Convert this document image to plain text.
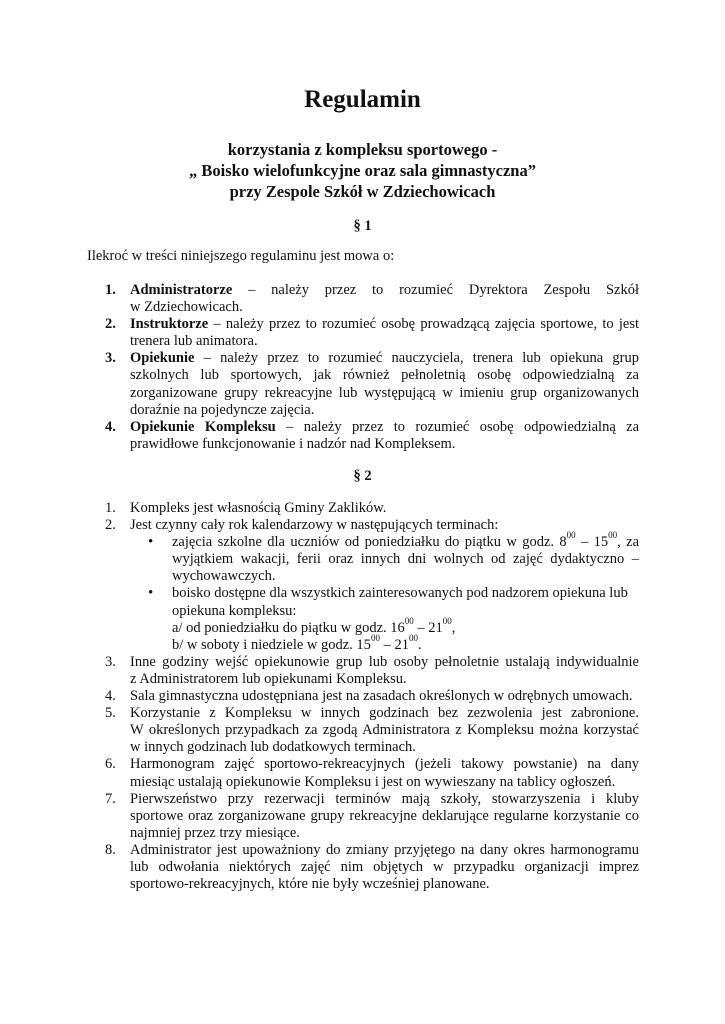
Regulamin
korzystania z kompleksu sportowego -
„ Boisko wielofunkcyjne oraz sala gimnastyczna”
przy Zespole Szkół w Zdziechowicach
§ 1
Ilekroć w treści niniejszego regulaminu jest mowa o:
1. Administratorze – należy przez to rozumieć Dyrektora Zespołu Szkół
w Zdziechowicach.
2. Instruktorze – należy przez to rozumieć osobę prowadzącą zajęcia sportowe, to jest
trenera lub animatora.
3. Opiekunie – należy przez to rozumieć nauczyciela, trenera lub opiekuna grup
szkolnych lub sportowych, jak również pełnoletnią osobę odpowiedzialną za
zorganizowane grupy rekreacyjne lub występującą w imieniu grup organizowanych
doraźnie na pojedyncze zajęcia.
4. Opiekunie Kompleksu – należy przez to rozumieć osobę odpowiedzialną za
prawidłowe funkcjonowanie i nadzór nad Kompleksem.
§ 2
1. Kompleks jest własnością Gminy Zaklików.
2. Jest czynny cały rok kalendarzowy w następujących terminach:
• zajęcia szkolne dla uczniów od poniedziałku do piątku w godz. $8^{00} - 15^{00}$, za
wyjątkiem wakacji, ferii oraz innych dni wolnych od zajęć dydaktyczno –
wychowawczych.
• boisko dostępne dla wszystkich zainteresowanych pod nadzorem opiekuna lub
opiekuna kompleksu:
a/ od poniedziałku do piątku w godz. $16^{00} - 21^{00}$,
b/ w soboty i niedziele w godz. $15^{00} - 21^{00}$.
3. Inne godziny wejść opiekunowie grup lub osoby pełnoletnie ustalają indywidualnie
z Administratorem lub opiekunami Kompleksu.
4. Sala gimnastyczna udostępniana jest na zasadach określonych w odrębnych umowach.
5. Korzystanie z Kompleksu w innych godzinach bez zezwolenia jest zabronione.
W określonych przypadkach za zgodą Administratora z Kompleksu można korzystać
w innych godzinach lub dodatkowych terminach.
6. Harmonogram zajęć sportowo-rekreacyjnych (jeżeli takowy powstanie) na dany
miesiąc ustalają opiekunowie Kompleksu i jest on wywieszany na tablicy ogłoszeń.
7. Pierwszeństwo przy rezerwacji terminów mają szkoły, stowarzyszenia i kluby
sportowe oraz zorganizowane grupy rekreacyjne deklarujące regularne korzystanie co
najmniej przez trzy miesiące.
8. Administrator jest upoważniony do zmiany przyjętego na dany okres harmonogramu
lub odwołania niektórych zajęć nim objętych w przypadku organizacji imprez
sportowo-rekreacyjnych, które nie były wcześniej planowane.
